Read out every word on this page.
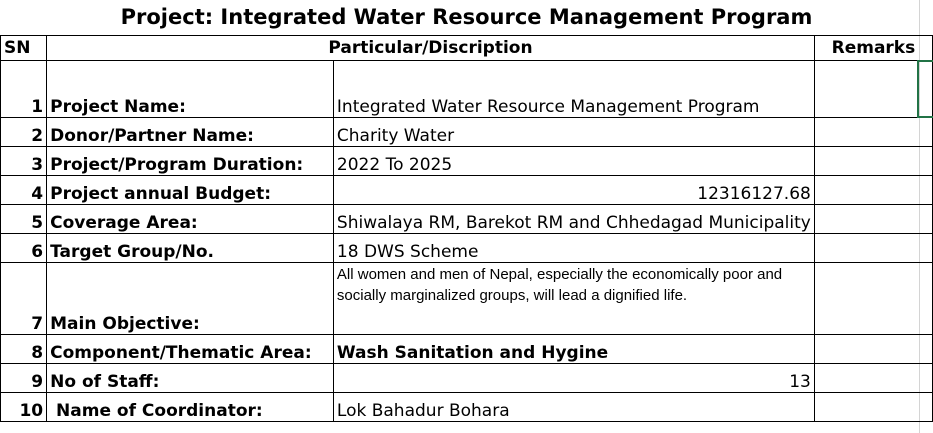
Project: Integrated Water Resource Management Program			
SN	Particular/Discription		Remarks
1	Project Name:	Integrated Water Resource Management Program	
2	Donor/Partner Name:	Charity Water	
3	Project/Program Duration:	2022 To 2025	
4	Project annual Budget:	12316127.68	
5	Coverage Area:	Shiwalaya RM, Barekot RM and Chhedagad Municipality	
6	Target Group/No.	18 DWS Scheme	
7	Main Objective:	All women and men of Nepal, especially the economically poor and socially marginalized groups, will lead a dignified life.	
8	Component/Thematic Area:	Wash Sanitation and Hygine	
9	No of Staff:	13	
10	Name of Coordinator:	Lok Bahadur Bohara	
